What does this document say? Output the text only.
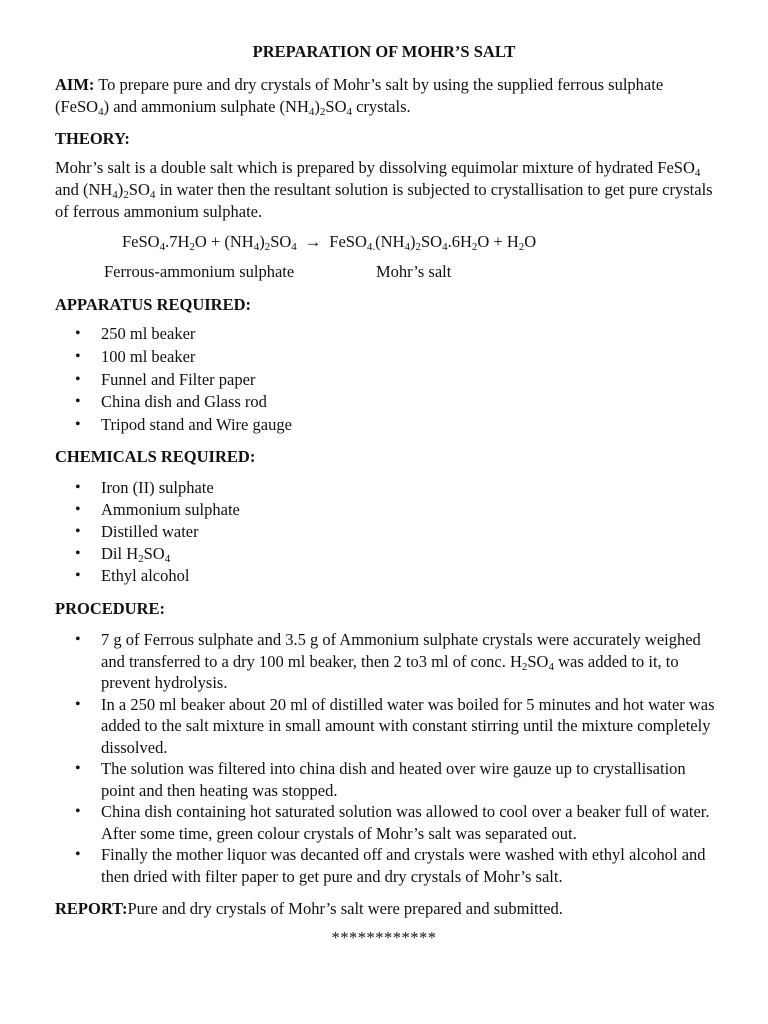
PREPARATION OF MOHR’S SALT
AIM: To prepare pure and dry crystals of Mohr’s salt by using the supplied ferrous sulphate (FeSO$_4$) and ammonium sulphate $(NH_4)_2SO_4$ crystals.
THEORY:
Mohr’s salt is a double salt which is prepared by dissolving equimolar mixture of hydrated FeSO$_4$ and $(NH_4)_2SO_4$ in water then the resultant solution is subjected to crystallisation to get pure crystals of ferrous ammonium sulphate.
$FeSO_4.7H_2O + (NH_4)_2SO_4$ → $FeSO_{4.}(NH_4)_2SO_4.6H_2O + H_2O$
Ferrous-ammonium sulphate	Mohr’s salt
APPARATUS REQUIRED:
• 250 ml beaker
• 100 ml beaker
• Funnel and Filter paper
• China dish and Glass rod
• Tripod stand and Wire gauge
CHEMICALS REQUIRED:
• Iron (II) sulphate
• Ammonium sulphate
• Distilled water
• Dil $H_2SO_4$
• Ethyl alcohol
PROCEDURE:
• 7 g of Ferrous sulphate and 3.5 g of Ammonium sulphate crystals were accurately weighed and transferred to a dry 100 ml beaker, then 2 to3 ml of conc. $H_2SO_4$ was added to it, to prevent hydrolysis.
• In a 250 ml beaker about 20 ml of distilled water was boiled for 5 minutes and hot water was added to the salt mixture in small amount with constant stirring until the mixture completely dissolved.
• The solution was filtered into china dish and heated over wire gauze up to crystallisation point and then heating was stopped.
• China dish containing hot saturated solution was allowed to cool over a beaker full of water. After some time, green colour crystals of Mohr’s salt was separated out.
• Finally the mother liquor was decanted off and crystals were washed with ethyl alcohol and then dried with filter paper to get pure and dry crystals of Mohr’s salt.
REPORT:Pure and dry crystals of Mohr’s salt were prepared and submitted.
************
